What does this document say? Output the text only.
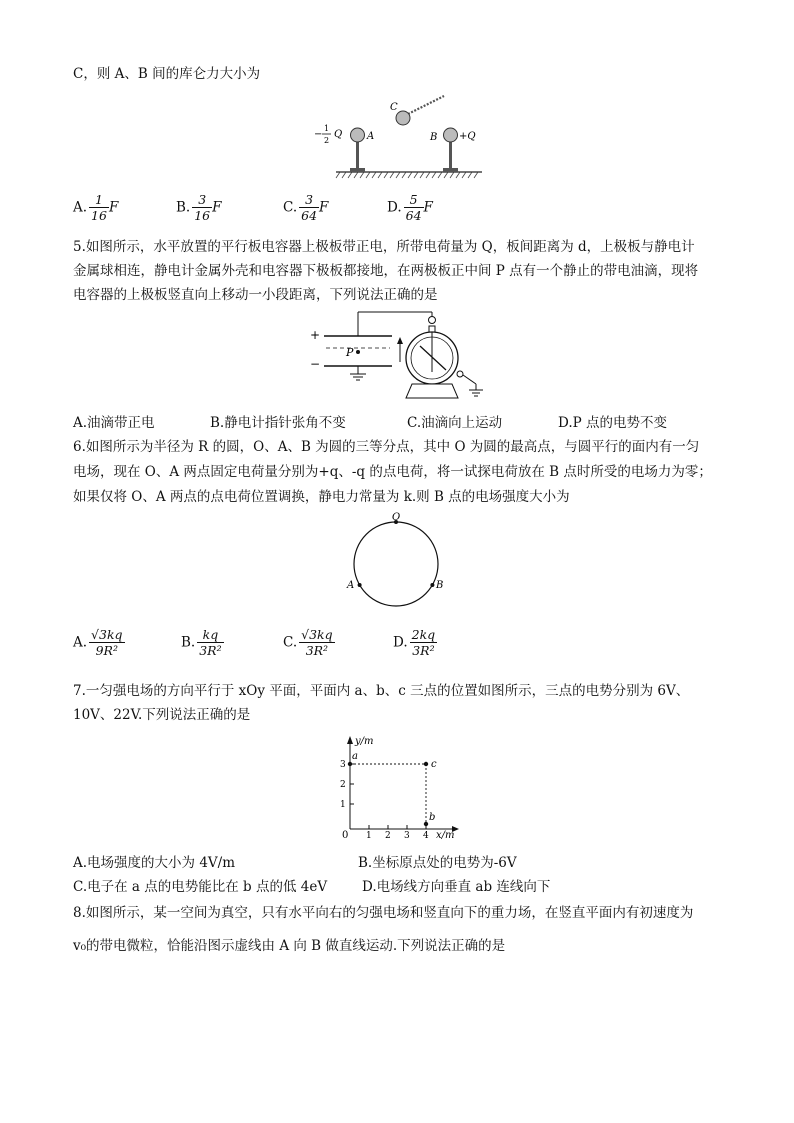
C，则 A、B 间的库仑力大小为
C
A	B +Q
−
1
2
Q
A. $\frac{1}{16}$ F	B. $\frac{3}{16}$ F	C. $\frac{3}{64}$ F	D. $\frac{5}{64}$ F
5.如图所示，水平放置的平行板电容器上极板带正电，所带电荷量为 Q，板间距离为 d，上极板与静电计
金属球相连，静电计金属外壳和电容器下极板都接地，在两极板正中间 P 点有一个静止的带电油滴，现将
电容器的上极板竖直向上移动一小段距离，下列说法正确的是
+
−
P
A.油滴带正电	B.静电计指针张角不变	C.油滴向上运动	D.P 点的电势不变
6.如图所示为半径为 R 的圆，O、A、B 为圆的三等分点，其中 O 为圆的最高点，与圆平行的面内有一匀
电场，现在 O、A 两点固定电荷量分别为+q、-q 的点电荷，将一试探电荷放在 B 点时所受的电场力为零；
如果仅将 O、A 两点的点电荷位置调换，静电力常量为 k.则 B 点的电场强度大小为
O
A	B
A. $\frac{√3kq}{\text{9R²}}$	B. $\frac{kq}{\text{3R²}}$	C. $\frac{√3kq}{\text{3R²}}$	D. $\frac{2kq}{\text{3R²}}$
7.一匀强电场的方向平行于 xOy 平面，平面内 a、b、c 三点的位置如图所示，三点的电势分别为 6V、
10V、22V.下列说法正确的是
y/m
x/m
0 1 2 3 4
1
2
3
a
c
b
A.电场强度的大小为 4V/m	B.坐标原点处的电势为-6V
C.电子在 a 点的电势能比在 b 点的低 4eV	D.电场线方向垂直 ab 连线向下
8.如图所示，某一空间为真空，只有水平向右的匀强电场和竖直向下的重力场，在竖直平面内有初速度为
v₀的带电微粒，恰能沿图示虚线由 A 向 B 做直线运动.下列说法正确的是
